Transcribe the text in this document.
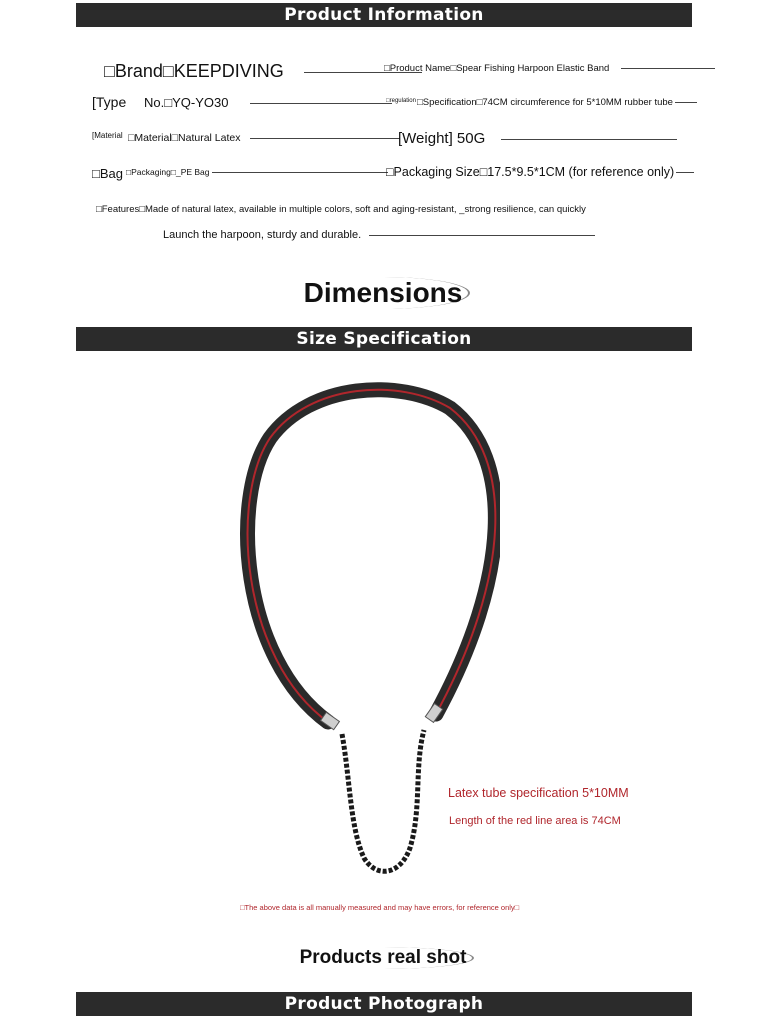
Product Information
□Brand□KEEPDIVING	□Product Name□Spear Fishing Harpoon Elastic Band
[Type No.□YQ-YO30	□regulation □Specification□74CM circumference for 5*10MM rubber tube
[Material □Material□Natural Latex	[Weight] 50G
□Bag □Packaging□_PE Bag	□Packaging Size□17.5*9.5*1CM (for reference only)
□Features□Made of natural latex, available in multiple colors, soft and aging-resistant, _strong resilience, can quickly
Launch the harpoon, sturdy and durable.
Dimensions
Size Specification
Latex tube specification 5*10MM
Length of the red line area is 74CM
□The above data is all manually measured and may have errors, for reference only□
Products real shot
Product Photograph
